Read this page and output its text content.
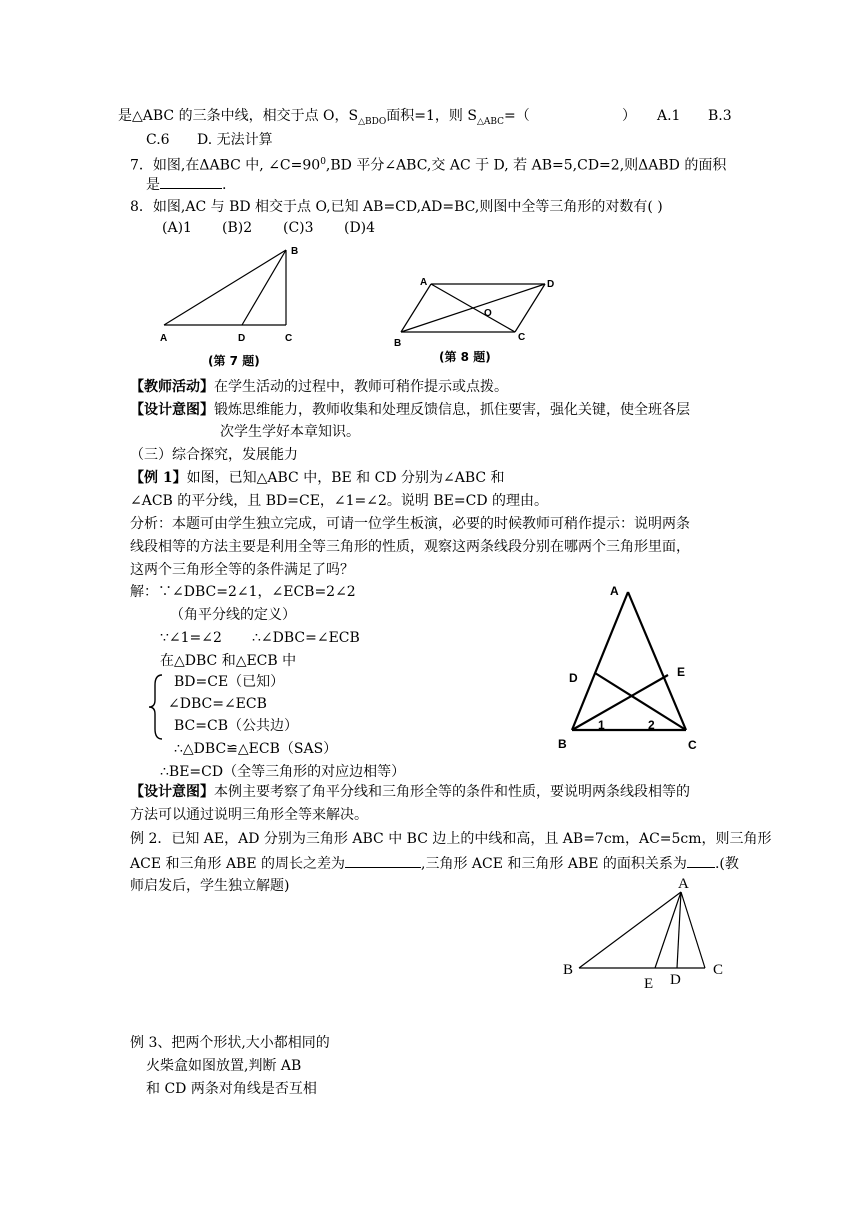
是△ABC 的三条中线，相交于点 O，$S_{\triangle BDO}$面积=1，则 $S_{\triangle ABC}=$（	） A.1 B.3
C.6 D. 无法计算
7．如图,在ΔABC 中, $\angle C=90^0,BD$ 平分∠ABC,交 AC 于 D, 若 AB=5,CD=2,则ΔABD 的面积
是	.
8．如图,AC 与 BD 相交于点 O,已知 AB=CD,AD=BC,则图中全等三角形的对数有( )
(A)1 (B)2 (C)3 (D)4
B
A	D	C
(第 7 题)
A	D
O
C
B
(第 8 题)
【教师活动】在学生活动的过程中，教师可稍作提示或点拨。
【设计意图】锻炼思维能力，教师收集和处理反馈信息，抓住要害，强化关键，使全班各层
次学生学好本章知识。
（三）综合探究，发展能力
【例 1】如图，已知△ABC 中，BE 和 CD 分别为∠ABC 和
∠ACB 的平分线，且 BD=CE，∠1=∠2。说明 BE=CD 的理由。
分析：本题可由学生独立完成，可请一位学生板演，必要的时候教师可稍作提示：说明两条
线段相等的方法主要是利用全等三角形的性质，观察这两条线段分别在哪两个三角形里面，
这两个三角形全等的条件满足了吗？
解：∵∠DBC=2∠1，∠ECB=2∠2
（角平分线的定义）
∵∠1=∠2 ∴∠DBC=∠ECB
在△DBC 和△ECB 中
BD=CE（已知）
∠DBC=∠ECB
BC=CB（公共边）
∴△DBC≌△ECB（SAS）
∴BE=CD（全等三角形的对应边相等）
A
D	E
B	C
1	2
【设计意图】本例主要考察了角平分线和三角形全等的条件和性质，要说明两条线段相等的
方法可以通过说明三角形全等来解决。
例 2．已知 AE，AD 分别为三角形 ABC 中 BC 边上的中线和高，且 AB=7cm，AC=5cm，则三角形
ACE 和三角形 ABE 的周长之差为	,三角形 ACE 和三角形 ABE 的面积关系为 .(教
师启发后，学生独立解题)	A
B
E D
C
例 3、把两个形状,大小都相同的
火柴盒如图放置,判断 AB
和 CD 两条对角线是否互相
